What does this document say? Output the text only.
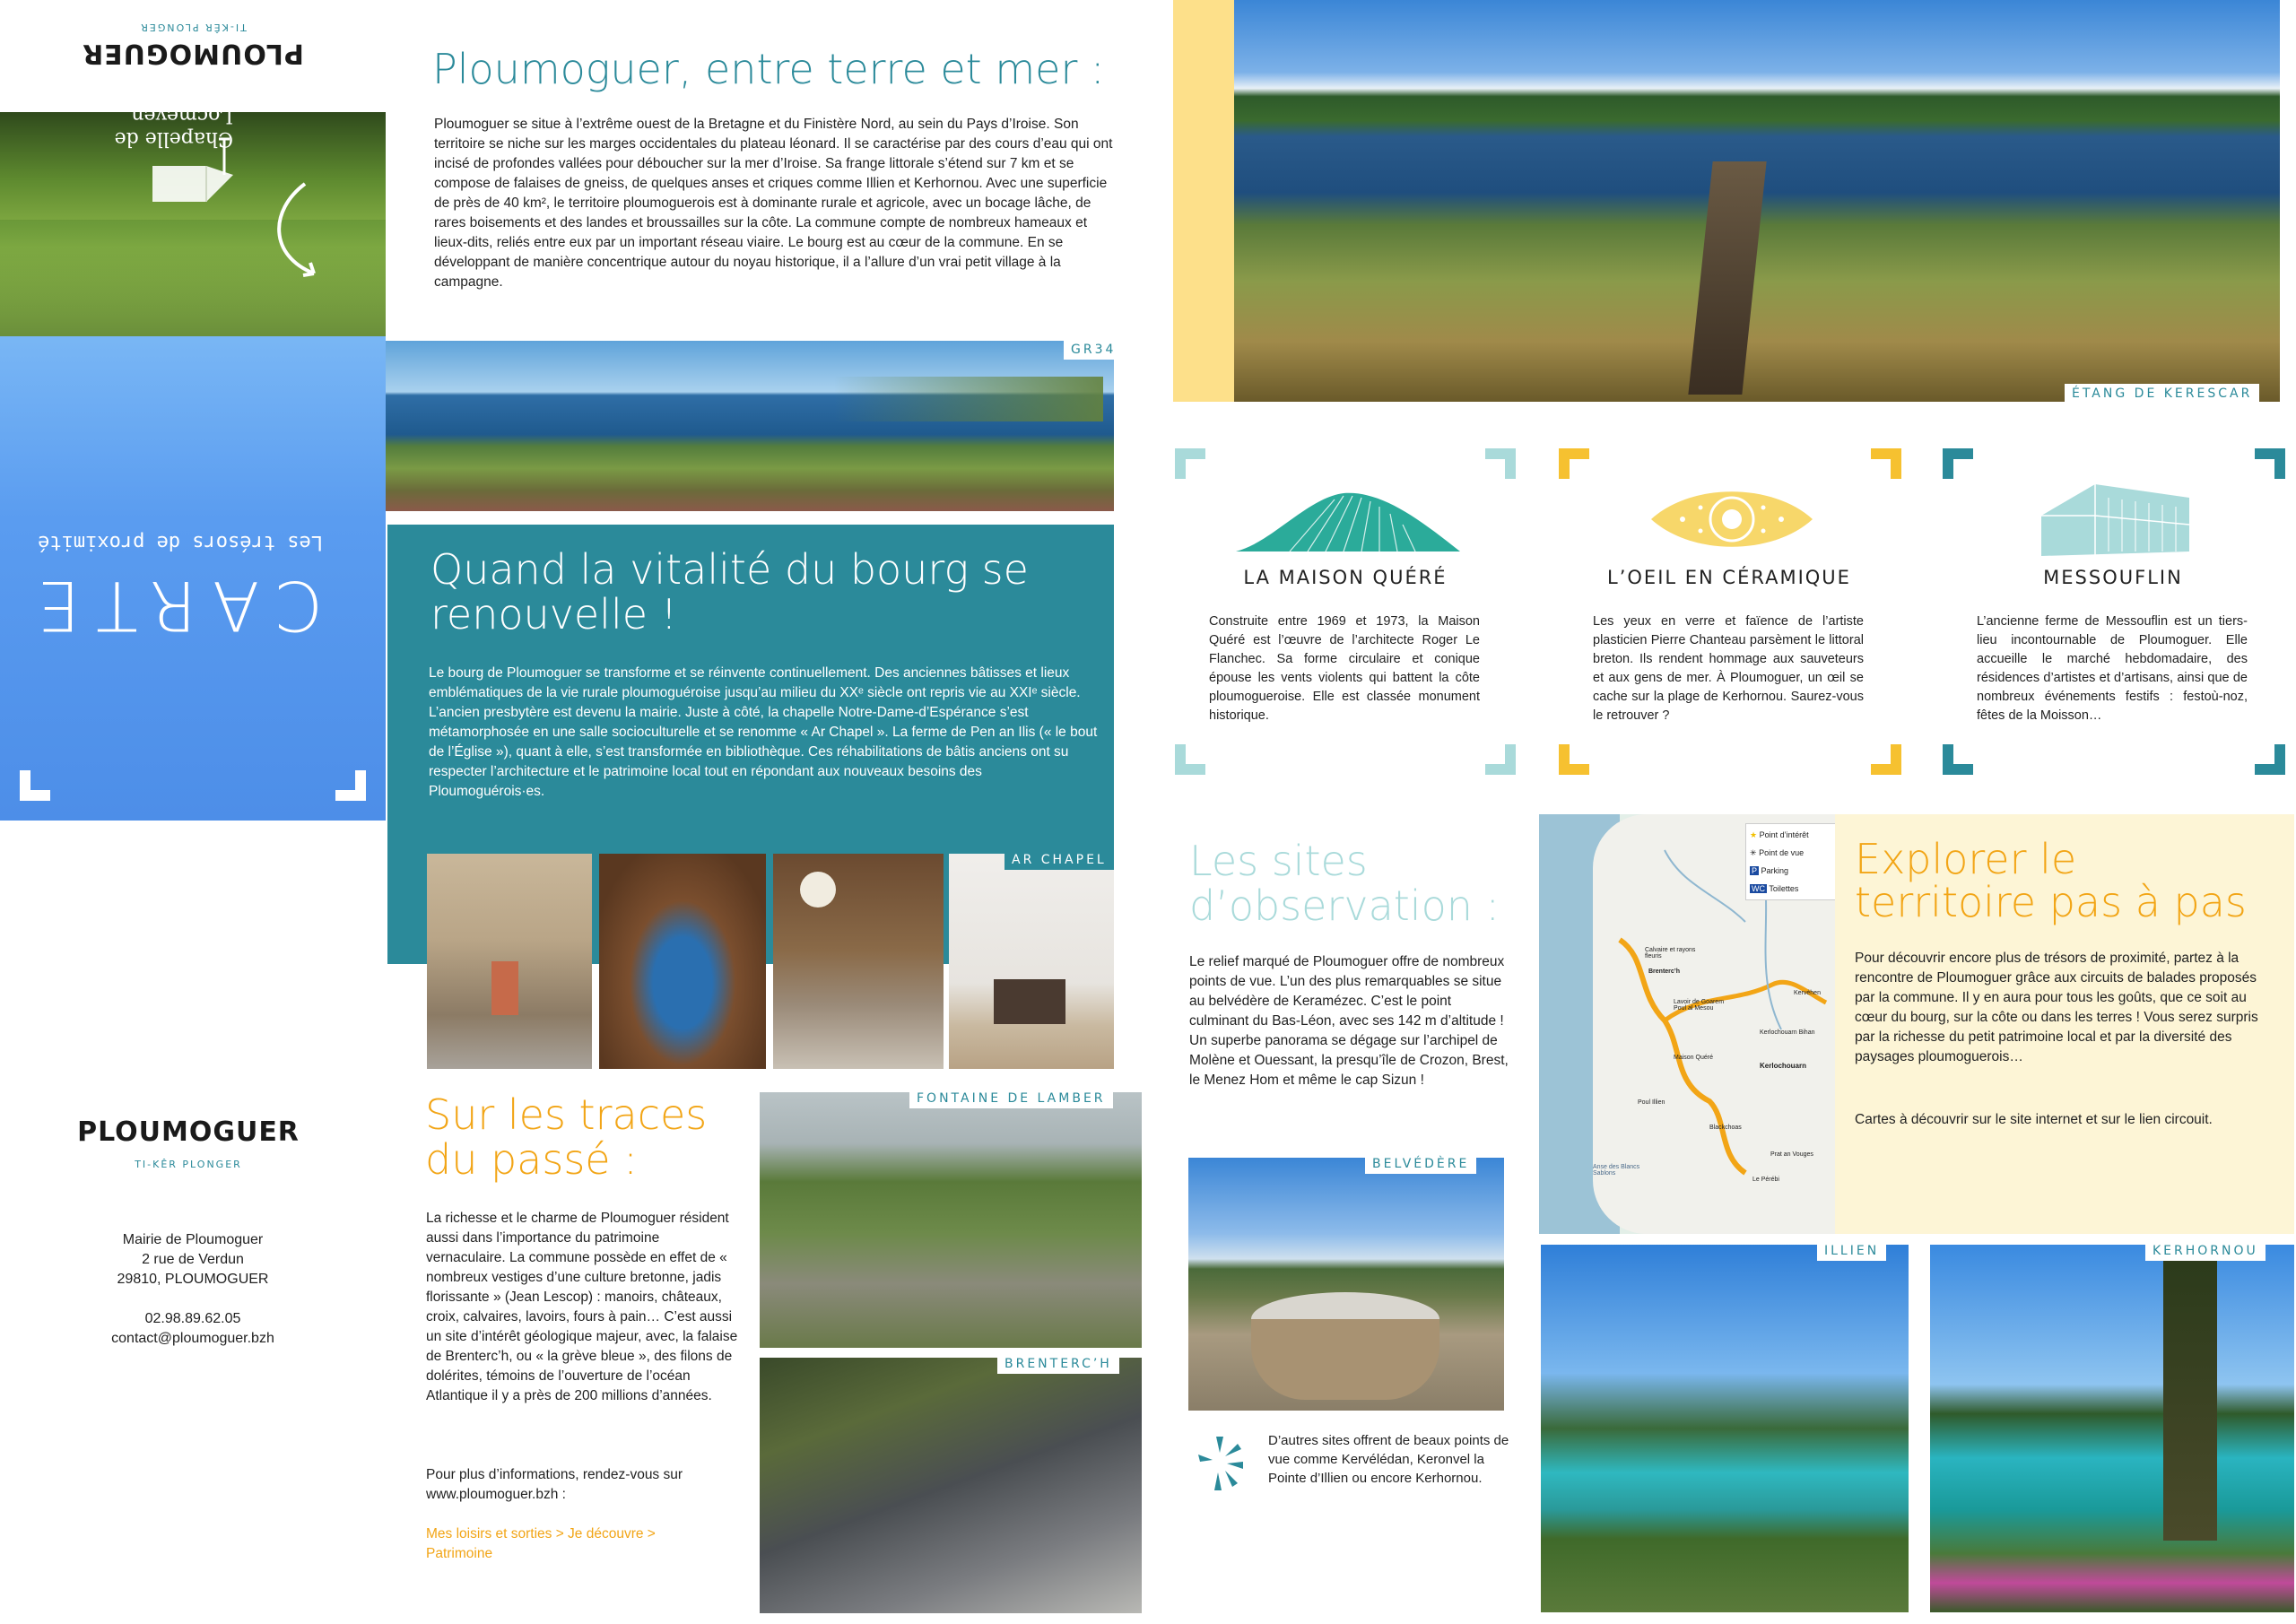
CARTE
Les trésors de proximité
Chapelle de Locmeven
PLOUMOGUER
TI-KÊR PLONGER
PLOUMOGUER
TI-KÊR PLONGER
Mairie de Ploumoguer
2 rue de Verdun
29810, PLOUMOGUER
02.98.89.62.05
contact@ploumoguer.bzh
Ploumoguer, entre terre et mer :
Ploumoguer se situe à l’extrême ouest de la Bretagne et du Finistère Nord, au sein du Pays d’Iroise. Son territoire se niche sur les marges occidentales du plateau léonard. Il se caractérise par des cours d’eau qui ont incisé de profondes vallées pour déboucher sur la mer d’Iroise. Sa frange littorale s’étend sur 7 km et se compose de falaises de gneiss, de quelques anses et criques comme Illien et Kerhornou. Avec une superficie de près de 40 km², le territoire ploumoguerois est à dominante rurale et agricole, avec un bocage lâche, de rares boisements et des landes et broussailles sur la côte. La commune compte de nombreux hameaux et lieux-dits, reliés entre eux par un important réseau viaire. Le bourg est au cœur de la commune. En se développant de manière concentrique autour du noyau historique, il a l’allure d’un vrai petit village à la campagne.
GR34
Quand la vitalité du bourg se
renouvelle !
Le bourg de Ploumoguer se transforme et se réinvente continuellement. Des anciennes bâtisses et lieux emblématiques de la vie rurale ploumoguéroise jusqu’au milieu du XXᵉ siècle ont repris vie au XXIᵉ siècle. L’ancien presbytère est devenu la mairie. Juste à côté, la chapelle Notre-Dame-d’Espérance s’est métamorphosée en une salle socioculturelle et se renomme « Ar Chapel ». La ferme de Pen an Ilis (« le bout de l’Église »), quant à elle, s’est transformée en bibliothèque. Ces réhabilitations de bâtis anciens ont su respecter l’architecture et le patrimoine local tout en répondant aux nouveaux besoins des Ploumoguérois·es.
AR CHAPEL
Sur les traces
du passé :
La richesse et le charme de Ploumoguer résident aussi dans l’importance du patrimoine vernaculaire. La commune possède en effet de « nombreux vestiges d’une culture bretonne, jadis florissante » (Jean Lescop) : manoirs, châteaux, croix, calvaires, lavoirs, fours à pain… C’est aussi un site d’intérêt géologique majeur, avec, la falaise de Brenterc’h, ou « la grève bleue », des filons de dolérites, témoins de l’ouverture de l’océan Atlantique il y a près de 200 millions d’années.
Pour plus d’informations, rendez-vous sur www.ploumoguer.bzh :
Mes loisirs et sorties > Je découvre > Patrimoine
FONTAINE DE LAMBER
BRENTERC’H
ÉTANG DE KERESCAR
LA MAISON QUÉRÉ
Construite entre 1969 et 1973, la Maison Quéré est l’œuvre de l’architecte Roger Le Flanchec. Sa forme circulaire et conique épouse les vents violents qui battent la côte ploumogueroise. Elle est classée monument historique.
L’OEIL EN CÉRAMIQUE
Les yeux en verre et faïence de l’artiste plasticien Pierre Chanteau parsèment le littoral breton. Ils rendent hommage aux sauveteurs et aux gens de mer. À Ploumoguer, un œil se cache sur la plage de Kerhornou. Saurez-vous le retrouver ?
MESSOUFLIN
L’ancienne ferme de Messouflin est un tiers-lieu incontournable de Ploumoguer. Elle accueille le marché hebdomadaire, des résidences d’artistes et d’artisans, ainsi que de nombreux événements festifs : festoù-noz, fêtes de la Moisson…
Les sites
d’observation :
Le relief marqué de Ploumoguer offre de nombreux points de vue. L’un des plus remarquables se situe au belvédère de Keramézec. C’est le point culminant du Bas-Léon, avec ses 142 m d’altitude ! Un superbe panorama se dégage sur l’archipel de Molène et Ouessant, la presqu’île de Crozon, Brest, le Menez Hom et même le cap Sizun !
BELVÉDÈRE
D’autres sites offrent de beaux points de vue comme Kervélédan, Keronvel la Pointe d’Illien ou encore Kerhornou.
★ Point d’intérêt
✳ Point de vue
P Parking
WC Toilettes
Calvaire et rayons fleuris
Brenterc’h
Lavoir de Goarem Poul al Mesou
Kervéhen
Kerlochouarn Bihan
Maison Quéré
Kerlochouarn
Poul Illien
Blackchoas
Anse des Blancs Sablons
Prat an Vouges
Le Pérébi
Explorer le
territoire pas à pas
Pour découvrir encore plus de trésors de proximité, partez à la rencontre de Ploumoguer grâce aux circuits de balades proposés par la commune. Il y en aura pour tous les goûts, que ce soit au cœur du bourg, sur la côte ou dans les terres ! Vous serez surpris par la richesse du petit patrimoine local et par la diversité des paysages ploumoguerois…
Cartes à découvrir sur le site internet et sur le lien circouit.
ILLIEN	KERHORNOU
